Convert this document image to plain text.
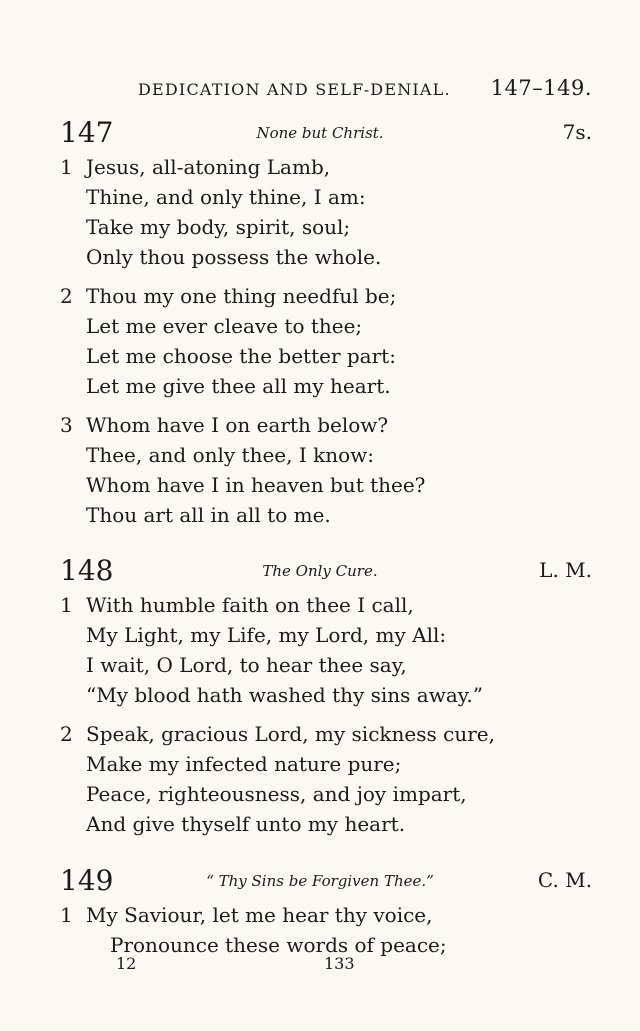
DEDICATION AND SELF-DENIAL. 147–149.
147	None but Christ.	7s.
1 Jesus, all-atoning Lamb,
Thine, and only thine, I am:
Take my body, spirit, soul;
Only thou possess the whole.
2 Thou my one thing needful be;
Let me ever cleave to thee;
Let me choose the better part:
Let me give thee all my heart.
3 Whom have I on earth below?
Thee, and only thee, I know:
Whom have I in heaven but thee?
Thou art all in all to me.
148	The Only Cure.	L. M.
1 With humble faith on thee I call,
My Light, my Life, my Lord, my All:
I wait, O Lord, to hear thee say,
“My blood hath washed thy sins away.”
2 Speak, gracious Lord, my sickness cure,
Make my infected nature pure;
Peace, righteousness, and joy impart,
And give thyself unto my heart.
149	“ Thy Sins be Forgiven Thee.”	C. M.
1 My Saviour, let me hear thy voice,
Pronounce these words of peace;
12	133
